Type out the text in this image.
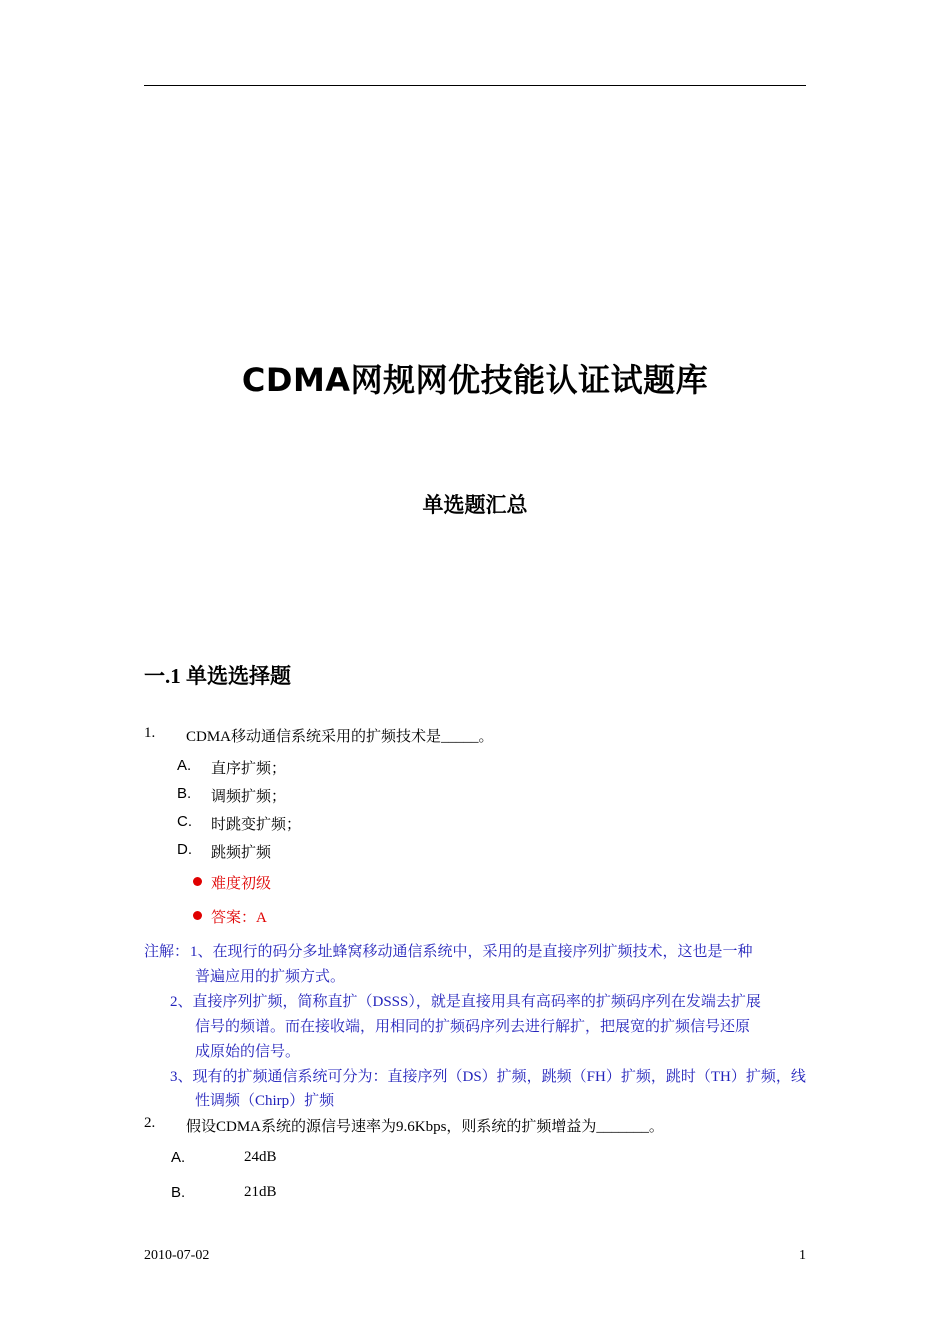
CDMA网规网优技能认证试题库
单选题汇总
一.1 单选选择题
1. CDMA移动通信系统采用的扩频技术是_____。
A. 直序扩频；
B. 调频扩频；
C. 时跳变扩频；
D. 跳频扩频
难度初级
答案：A
注解： 1、在现行的码分多址蜂窝移动通信系统中，采用的是直接序列扩频技术，这也是一种
普遍应用的扩频方式。
2、直接序列扩频，简称直扩（DSSS），就是直接用具有高码率的扩频码序列在发端去扩展
信号的频谱。而在接收端，用相同的扩频码序列去进行解扩，把展宽的扩频信号还原
成原始的信号。
3、现有的扩频通信系统可分为：直接序列（DS）扩频，跳频（FH）扩频，跳时（TH）扩频，线
性调频（Chirp）扩频
2. 假设CDMA系统的源信号速率为9.6Kbps，则系统的扩频增益为_______。
A.	24dB
B.	21dB
2010-07-02	1
